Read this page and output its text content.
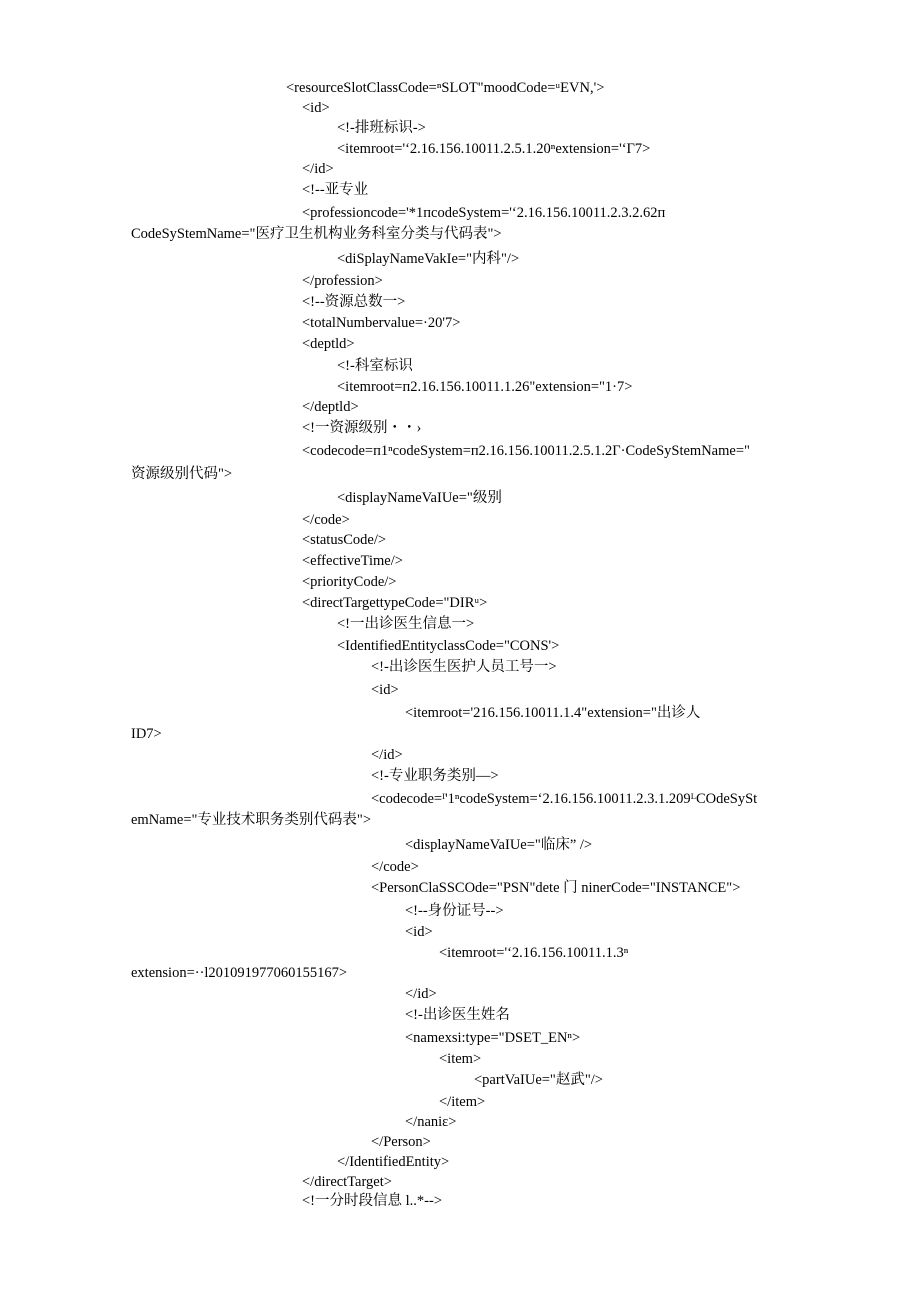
<resourceSlotClassCode=ⁿSLOT"moodCode=ᵘEVN,'>
<id>
<!-排班标识->
<itemroot='ʻ2.16.156.10011.2.5.1.20ⁿextension='ʻΓ7>
</id>
<!--亚专业
<professioncode='*1ᴨcodeSystem='ʻ2.16.156.10011.2.3.2.62ᴨ
CodeSyStemName="医疗卫生机构业务科室分类与代码表">
<diSplayNameVakIe="内科"/>
</profession>
<!--资源总数一>
<totalNumbervalue=·20'7>
<deptld>
<!-科室标识
<itemroot=ᴨ2.16.156.10011.1.26"extension="1·7>
</deptld>
<!一资源级别・・›
<codecode=ᴨ1ⁿcodeSystem=ᴨ2.16.156.10011.2.5.1.2Γ·CodeSyStemName="
资源级别代码">
<displayNameVaIUe="级别
</code>
<statusCode/>
<effectiveTime/>
<priorityCode/>
<directTargettypeCode="DIRᵘ>
<!一出诊医生信息一>
<IdentifiedEntityclassCode="CONS'>
<!-出诊医生医护人员工号一>
<id>
<itemroot='216.156.10011.1.4"extension="出诊人
ID7>
</id>
<!-专业职务类别—>
<codecode=ᴵ'1ⁿcodeSystem=ʻ2.16.156.10011.2.3.1.209ᴸCOdeSySt
emName="专业技术职务类别代码表">
<displayNameVaIUe="临床” />
</code>
<PersonClaSSCOde="PSN"dete 门 ninerCode="INSTANCE">
<!--身份证号-->
<id>
<itemroot='ʻ2.16.156.10011.1.3ⁿ
extension=··l201091977060155167>
</id>
<!-出诊医生姓名
<namexsi:type="DSET_ENⁿ>
<item>
<partVaIUe="赵武"/>
</item>
</naniε>
</Person>
</IdentifiedEntity>
</directTarget>
<!一分时段信息 l..*-->
